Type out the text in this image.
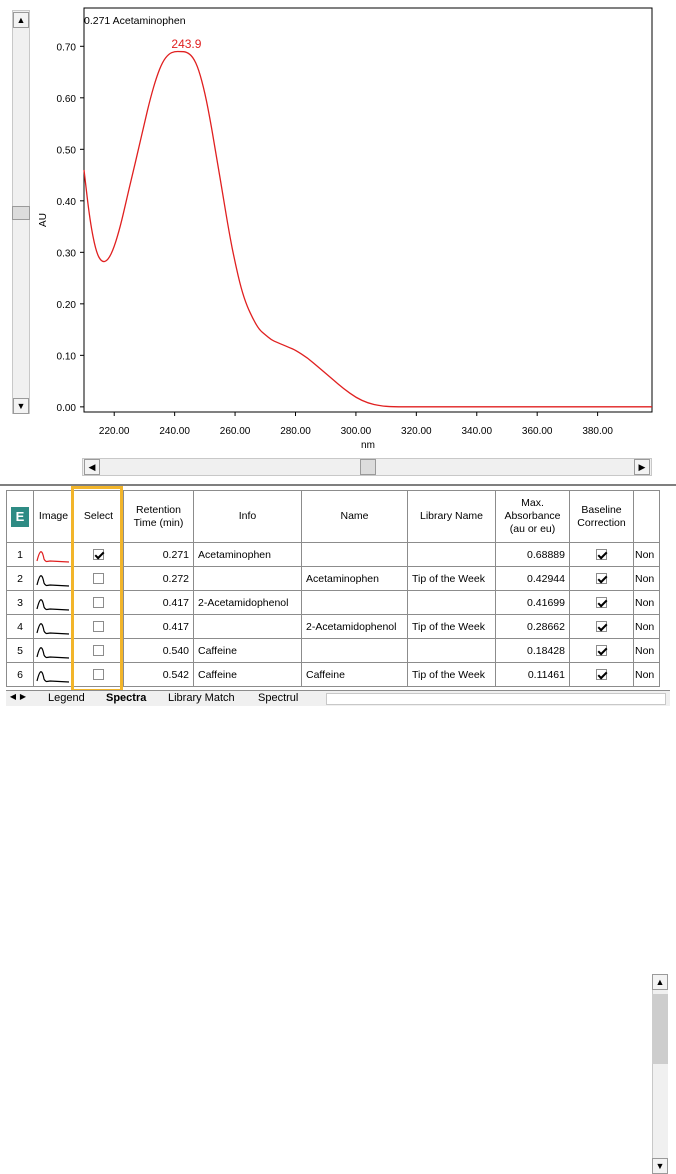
0.00
0.10
0.20
0.30
0.40
0.50
0.60
0.70
220.00	240.00	260.00	280.00	300.00	320.00	340.00	360.00	380.00
0.271 Acetaminophen
243.9
AU
nm
▲
▼
◀	▶
E	Image	Select	Retention Time (min)	Info	Name	Library Name	Max. Absorbance (au or eu)	Baseline Correction	
1			0.271	Acetaminophen			0.68889		Non
2			0.272		Acetaminophen	Tip of the Week	0.42944		Non
3			0.417	2-Acetamidophenol			0.41699		Non
4			0.417		2-Acetamidophenol	Tip of the Week	0.28662		Non
5			0.540	Caffeine			0.18428		Non
6			0.542	Caffeine	Caffeine	Tip of the Week	0.11461		Non
▲
▼
◀ ▶ Legend Spectra Library Match Spectrul
